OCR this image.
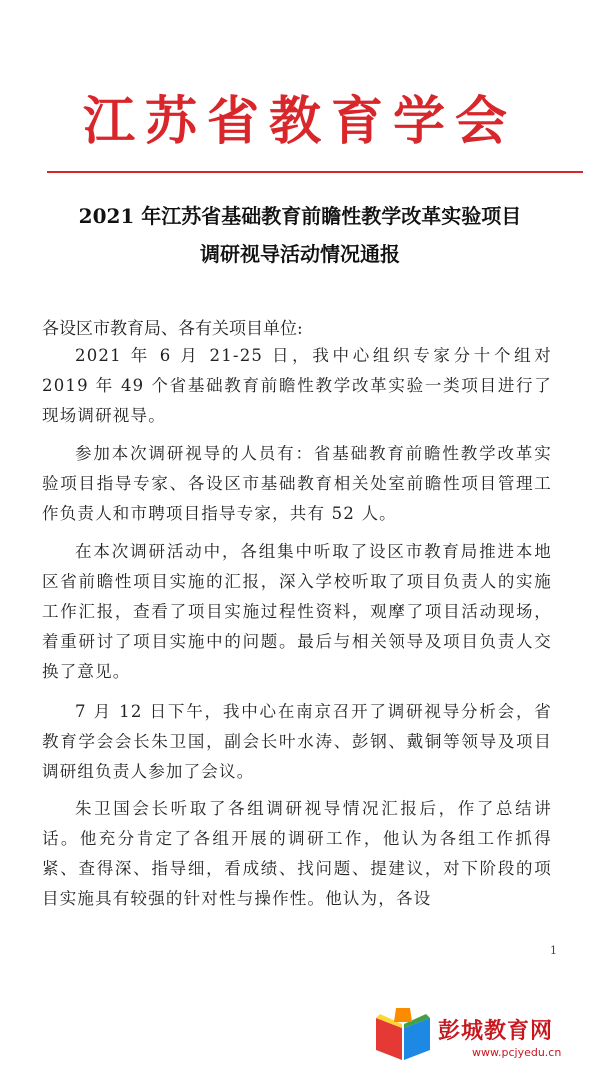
江苏省教育学会
2021 年江苏省基础教育前瞻性教学改革实验项目
调研视导活动情况通报
各设区市教育局、各有关项目单位:
2021 年 6 月 21-25 日，我中心组织专家分十个组对 2019 年 49 个省基础教育前瞻性教学改革实验一类项目进行了现场调研视导。
参加本次调研视导的人员有：省基础教育前瞻性教学改革实验项目指导专家、各设区市基础教育相关处室前瞻性项目管理工作负责人和市聘项目指导专家，共有 52 人。
在本次调研活动中，各组集中听取了设区市教育局推进本地区省前瞻性项目实施的汇报，深入学校听取了项目负责人的实施工作汇报，查看了项目实施过程性资料，观摩了项目活动现场，着重研讨了项目实施中的问题。最后与相关领导及项目负责人交换了意见。
7 月 12 日下午，我中心在南京召开了调研视导分析会，省教育学会会长朱卫国，副会长叶水涛、彭钢、戴铜等领导及项目调研组负责人参加了会议。
朱卫国会长听取了各组调研视导情况汇报后，作了总结讲话。他充分肯定了各组开展的调研工作，他认为各组工作抓得紧、查得深、指导细，看成绩、找问题、提建议，对下阶段的项目实施具有较强的针对性与操作性。他认为，各设
1
彭城教育网
www.pcjyedu.cn
